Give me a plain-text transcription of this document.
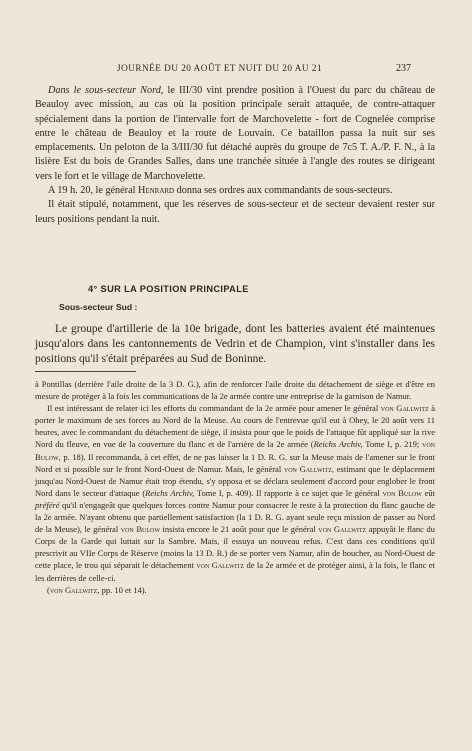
JOURNÉE DU 20 AOÛT ET NUIT DU 20 AU 21	237

Dans le sous-secteur Nord, le III/30 vint prendre position à l'Ouest du parc du château de Beauloy avec mission, au cas où la position principale serait attaquée, de contre-attaquer spécialement dans la portion de l'intervalle fort de Marchovelette - fort de Cognelée comprise entre le château de Beauloy et la route de Louvain. Ce bataillon passa la nuit sur ses emplacements. Un peloton de la 3/III/30 fut détaché auprès du groupe de 7c5 T. A./P. F. N., à la lisière Est du bois de Grandes Salles, dans une tranchée située à l'angle des routes se dirigeant vers le fort et le village de Marchovelette.

A 19 h. 20, le général Henrard donna ses ordres aux commandants de sous-secteurs.

Il était stipulé, notamment, que les réserves de sous-secteur et de secteur devaient rester sur leurs positions pendant la nuit.

4° SUR LA POSITION PRINCIPALE
Sous-secteur Sud :

Le groupe d'artillerie de la 10e brigade, dont les batteries avaient été maintenues jusqu'alors dans les cantonnements de Vedrin et de Champion, vint s'installer dans les positions qu'il s'était préparées au Sud de Boninne.

à Pontillas (derrière l'aile droite de la 3 D. G.), afin de renforcer l'aile droite du détachement de siège et d'être en mesure de protéger à la fois les communications de la 2e armée contre une entreprise de la garnison de Namur.

Il est intéressant de relater ici les efforts du commandant de la 2e armée pour amener le général von Gallwitz à porter le maximum de ses forces au Nord de la Meuse. Au cours de l'entrevue qu'il eut à Ohey, le 20 août vers 11 heures, avec le commandant du détachement de siège, il insista pour que le poids de l'attaque fût appliqué sur la rive Nord du fleuve, en vue de la couverture du flanc et de l'arrière de la 2e armée (Reichs Archiv, Tome I, p. 219; von Bulow, p. 18). Il recommanda, à cet effet, de ne pas laisser la 1 D. R. G. sur la Meuse mais de l'amener sur le front Nord et si possible sur le front Nord-Ouest de Namur. Mais, le général von Gallwitz, estimant que le déplacement jusqu'au Nord-Ouest de Namur était trop étendu, s'y opposa et se déclara seulement d'accord pour englober le front Nord dans le secteur d'attaque (Reichs Archiv, Tome I, p. 409). Il rapporte à ce sujet que le général von Bulow eût préféré qu'il n'engageât que quelques forces contre Namur pour consacrer le reste à la protection du flanc gauche de la 2e armée. N'ayant obtenu que partiellement satisfaction (la 1 D. R. G. ayant seule reçu mission de passer au Nord de la Meuse), le général von Bulow insista encore le 21 août pour que le général von Gallwitz appuyât le flanc du Corps de la Garde qui luttait sur la Sambre. Mais, il essuya un nouveau refus. C'est dans ces conditions qu'il prescrivit au VIIe Corps de Réserve (moins la 13 D. R.) de se porter vers Namur, afin de boucher, au Nord-Ouest de cette place, le trou qui séparait le détachement von Gallwitz de la 2e armée et de protéger ainsi, à la fois, le flanc et les derrières de celle-ci.

(von Gallwitz, pp. 10 et 14).
